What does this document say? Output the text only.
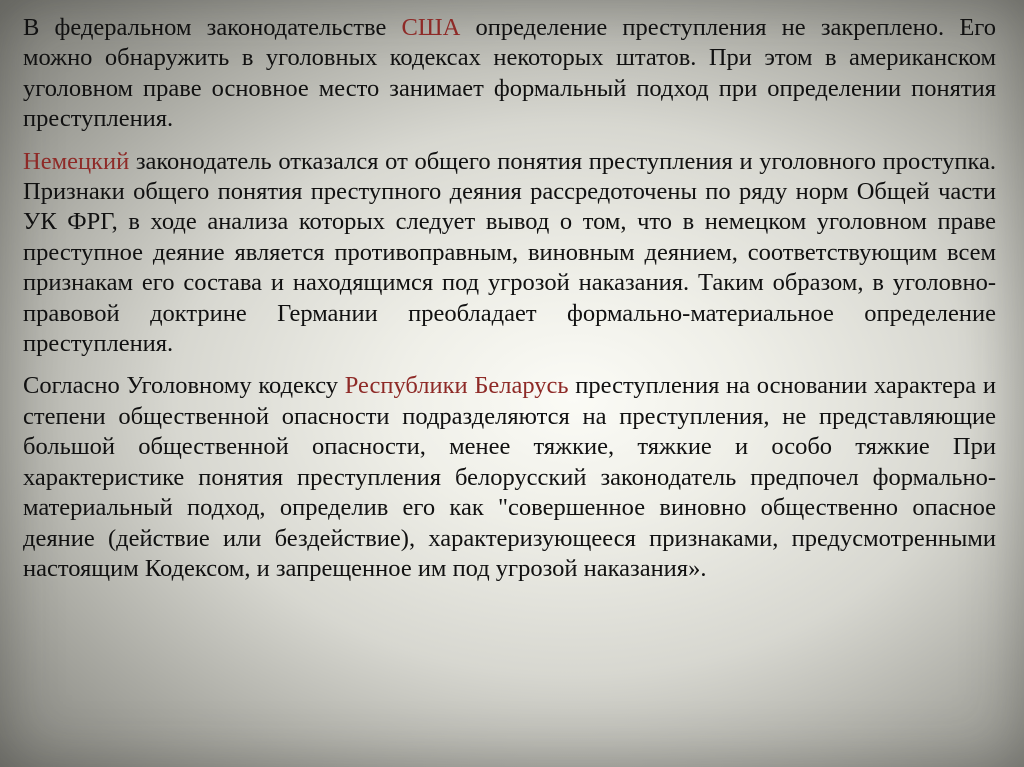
В федеральном законодательстве США определение преступления не закреплено. Его можно обнаружить в уголовных кодексах некоторых штатов. При этом в американском уголовном праве основное место занимает формальный подход при определении понятия преступления.

Немецкий законодатель отказался от общего понятия преступления и уголовного проступка. Признаки общего понятия преступного деяния рассредоточены по ряду норм Общей части УК ФРГ, в ходе анализа которых следует вывод о том, что в немецком уголовном праве преступное деяние является противоправным, виновным деянием, соответствующим всем признакам его состава и находящимся под угрозой наказания. Таким образом, в уголовно-правовой доктрине Германии преобладает формально-материальное определение преступления.

Согласно Уголовному кодексу Республики Беларусь преступления на основании характера и степени общественной опасности подразделяются на преступления, не представляющие большой общественной опасности, менее тяжкие, тяжкие и особо тяжкие При характеристике понятия преступления белорусский законодатель предпочел формально-материальный подход, определив его как "совершенное виновно общественно опасное деяние (действие или бездействие), характеризующееся признаками, предусмотренными настоящим Кодексом, и запрещенное им под угрозой наказания».
